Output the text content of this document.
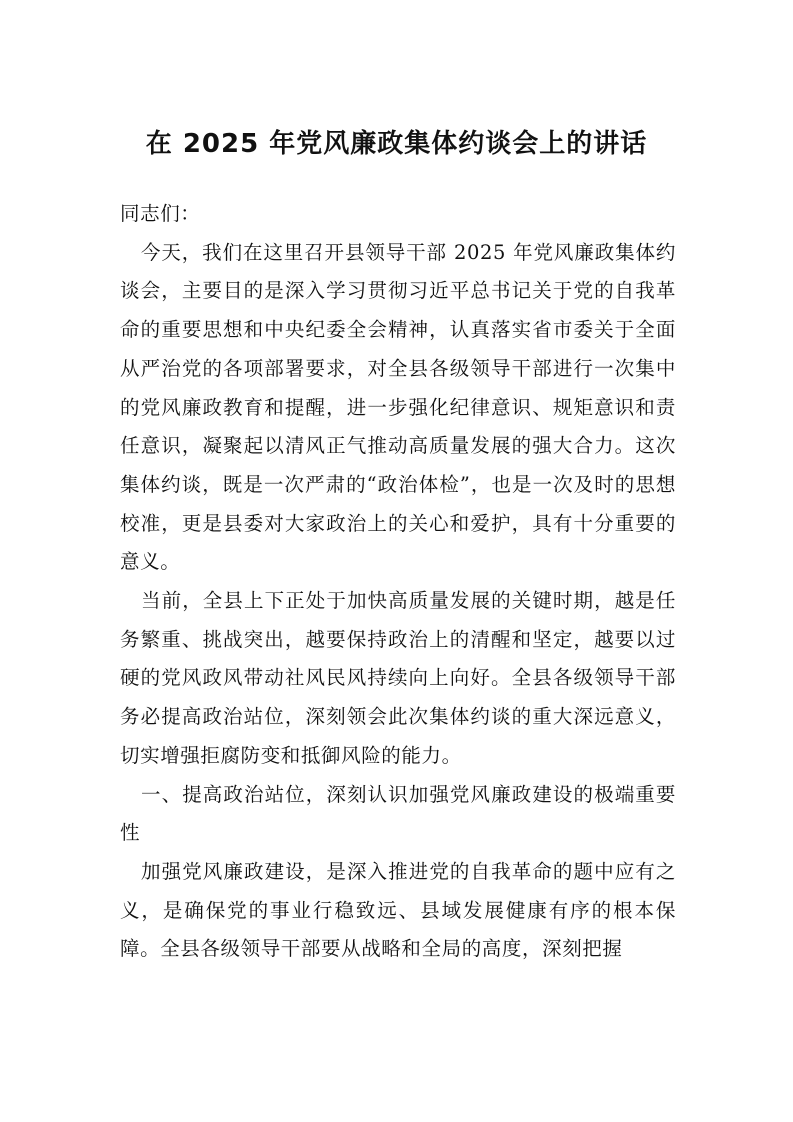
在 2025 年党风廉政集体约谈会上的讲话

同志们：

今天，我们在这里召开县领导干部 2025 年党风廉政集体约谈会，主要目的是深入学习贯彻习近平总书记关于党的自我革命的重要思想和中央纪委全会精神，认真落实省市委关于全面从严治党的各项部署要求，对全县各级领导干部进行一次集中的党风廉政教育和提醒，进一步强化纪律意识、规矩意识和责任意识，凝聚起以清风正气推动高质量发展的强大合力。这次集体约谈，既是一次严肃的“政治体检”，也是一次及时的思想校准，更是县委对大家政治上的关心和爱护，具有十分重要的意义。

当前，全县上下正处于加快高质量发展的关键时期，越是任务繁重、挑战突出，越要保持政治上的清醒和坚定，越要以过硬的党风政风带动社风民风持续向上向好。全县各级领导干部务必提高政治站位，深刻领会此次集体约谈的重大深远意义，切实增强拒腐防变和抵御风险的能力。

一、提高政治站位，深刻认识加强党风廉政建设的极端重要性

加强党风廉政建设，是深入推进党的自我革命的题中应有之义，是确保党的事业行稳致远、县域发展健康有序的根本保障。全县各级领导干部要从战略和全局的高度，深刻把握
